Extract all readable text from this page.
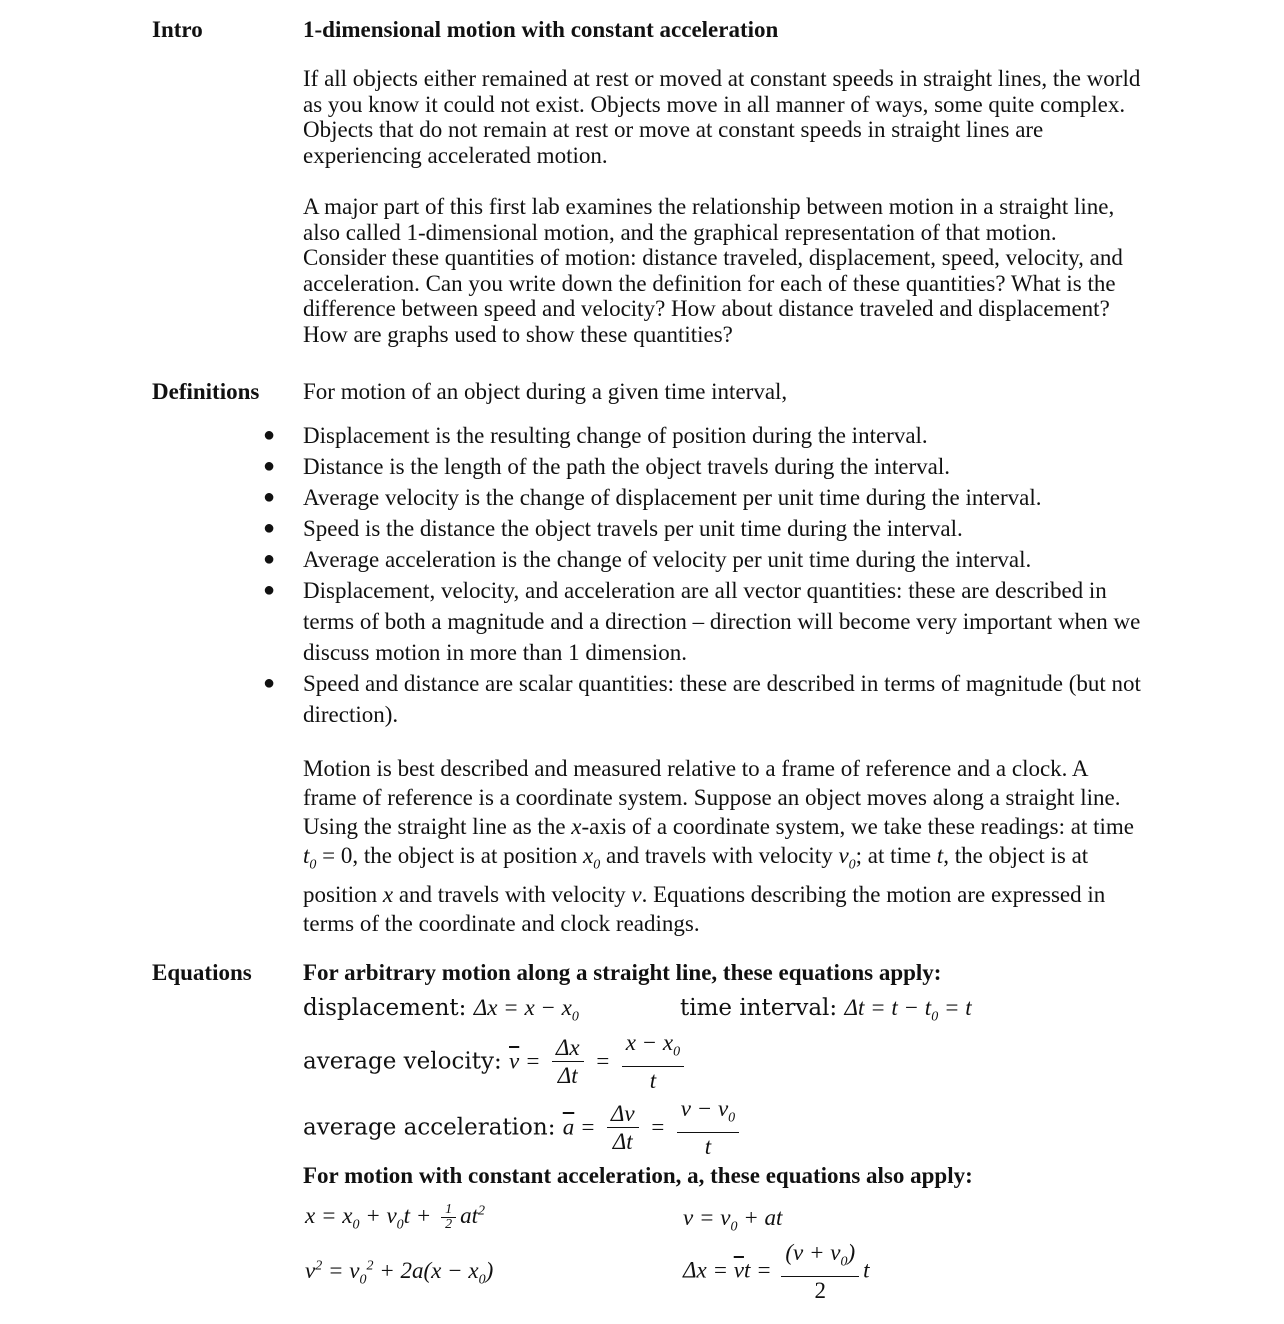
Intro	1-dimensional motion with constant acceleration

If all objects either remained at rest or moved at constant speeds in straight lines, the world as you know it could not exist. Objects move in all manner of ways, some quite complex. Objects that do not remain at rest or move at constant speeds in straight lines are experiencing accelerated motion.

A major part of this first lab examines the relationship between motion in a straight line, also called 1-dimensional motion, and the graphical representation of that motion. Consider these quantities of motion: distance traveled, displacement, speed, velocity, and acceleration. Can you write down the definition for each of these quantities? What is the difference between speed and velocity? How about distance traveled and displacement? How are graphs used to show these quantities?

Definitions For motion of an object during a given time interval,

● Displacement is the resulting change of position during the interval.
● Distance is the length of the path the object travels during the interval.
● Average velocity is the change of displacement per unit time during the interval.
● Speed is the distance the object travels per unit time during the interval.
● Average acceleration is the change of velocity per unit time during the interval.
● Displacement, velocity, and acceleration are all vector quantities: these are described in terms of both a magnitude and a direction – direction will become very important when we discuss motion in more than 1 dimension.
● Speed and distance are scalar quantities: these are described in terms of magnitude (but not direction).

Motion is best described and measured relative to a frame of reference and a clock. A frame of reference is a coordinate system. Suppose an object moves along a straight line. Using the straight line as the x-axis of a coordinate system, we take these readings: at time $t_0 = 0$, the object is at position $x_0$ and travels with velocity $v_0$; at time t, the object is at position x and travels with velocity v. Equations describing the motion are expressed in terms of the coordinate and clock readings.

Equations For arbitrary motion along a straight line, these equations apply:

displacement: $\Delta x = x - x_0$	time interval: $\Delta t = t - t_0 = t$
average velocity: $\overline{v} = \frac{\Delta x}{\Delta t} = \frac{x - x_0}{t}$
average acceleration: $\overline{a} = \frac{\Delta v}{\Delta t} = \frac{v - v_0}{t}$

For motion with constant acceleration, a, these equations also apply:

$x = x_0 + v_0t + \frac{1}{2} at^2$	$v = v_0$ + at
$v^2 = v_0^2 + 2a(x - x_0)$	$\Delta x = \overline{v}t = \frac{(v + v_0)}{2}$ t
